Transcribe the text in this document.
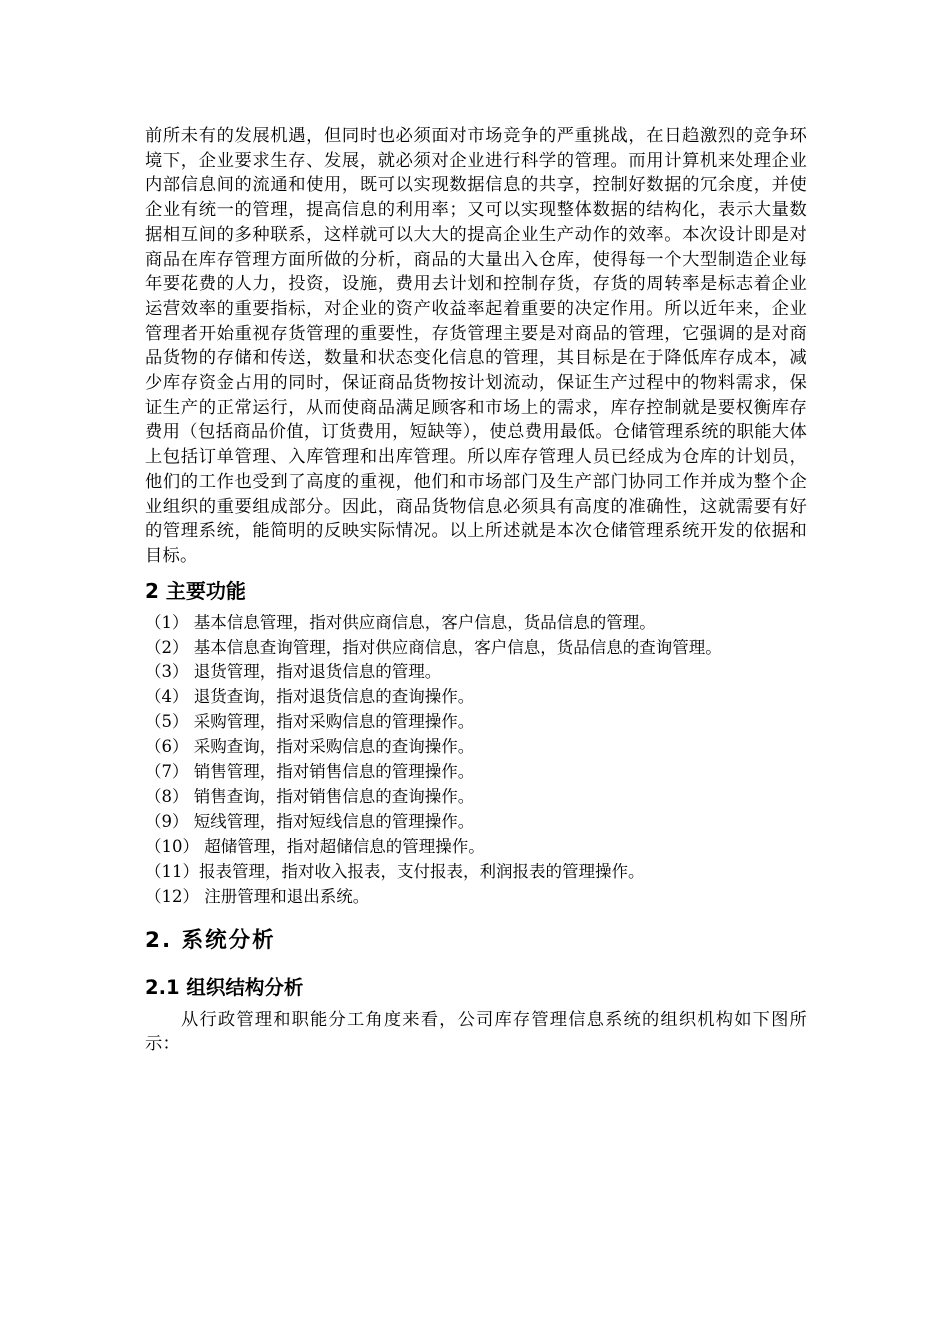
前所未有的发展机遇，但同时也必须面对市场竞争的严重挑战，在日趋激烈的竞争环境下，企业要求生存、发展，就必须对企业进行科学的管理。而用计算机来处理企业内部信息间的流通和使用，既可以实现数据信息的共享，控制好数据的冗余度，并使企业有统一的管理，提高信息的利用率；又可以实现整体数据的结构化，表示大量数据相互间的多种联系，这样就可以大大的提高企业生产动作的效率。本次设计即是对商品在库存管理方面所做的分析，商品的大量出入仓库，使得每一个大型制造企业每年要花费的人力，投资，设施，费用去计划和控制存货，存货的周转率是标志着企业运营效率的重要指标，对企业的资产收益率起着重要的决定作用。所以近年来，企业管理者开始重视存货管理的重要性，存货管理主要是对商品的管理，它强调的是对商品货物的存储和传送，数量和状态变化信息的管理，其目标是在于降低库存成本，减少库存资金占用的同时，保证商品货物按计划流动，保证生产过程中的物料需求，保证生产的正常运行，从而使商品满足顾客和市场上的需求，库存控制就是要权衡库存费用（包括商品价值，订货费用，短缺等），使总费用最低。仓储管理系统的职能大体上包括订单管理、入库管理和出库管理。所以库存管理人员已经成为仓库的计划员，他们的工作也受到了高度的重视，他们和市场部门及生产部门协同工作并成为整个企业组织的重要组成部分。因此，商品货物信息必须具有高度的准确性，这就需要有好的管理系统，能简明的反映实际情况。以上所述就是本次仓储管理系统开发的依据和目标。

2 主要功能
（1） 基本信息管理，指对供应商信息，客户信息，货品信息的管理。
（2） 基本信息查询管理，指对供应商信息，客户信息，货品信息的查询管理。
（3） 退货管理，指对退货信息的管理。
（4） 退货查询，指对退货信息的查询操作。
（5） 采购管理，指对采购信息的管理操作。
（6） 采购查询，指对采购信息的查询操作。
（7） 销售管理，指对销售信息的管理操作。
（8） 销售查询，指对销售信息的查询操作。
（9） 短线管理，指对短线信息的管理操作。
（10） 超储管理，指对超储信息的管理操作。
（11）报表管理，指对收入报表，支付报表，利润报表的管理操作。
（12） 注册管理和退出系统。
2. 系统分析
2.1 组织结构分析

从行政管理和职能分工角度来看，公司库存管理信息系统的组织机构如下图所示：
